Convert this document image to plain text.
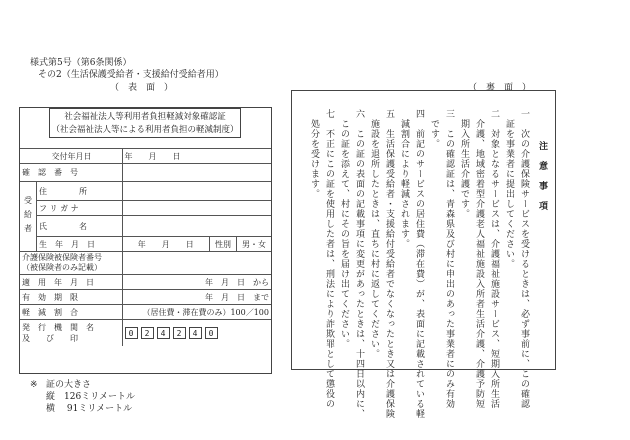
様式第5号（第6条関係）
その2（生活保護受給者・支援給付受給者用）
（　表　面　）	（　裏　面　）
交付年月日		年　　月　　日		
確　認　番　号				
受給者	住　　　　所			
	フ リ ガ ナ			
	氏　　　　名			
	生　年　月　日	年　　月　　日	性別	男・女

介護保険被保険者番号
（被保険者のみ記載）				

適　用　年　月　日		年　月　日　から		
有　効　期　限		年　月　日　まで		
軽　減　割　合		（居住費・滞在費のみ）100／100		

発　行　機　関　名
及　　び　　印		0 2 4 2 4 0		
社会福祉法人等利用者負担軽減対象確認証
（社会福祉法人等による利用者負担の軽減制度）
※ 証の大きさ
縦　126ミリメートル
横　 91ミリメートル
注　意　事　項
一　次の介護保険サービスを受けるときは、必ず事前に、この確認
　証を事業者に提出してください。
二　対象となるサービスは、介護福祉施設サービス、短期入所生活
　介護、地域密着型介護老人福祉施設入所者生活介護、介護予防短
　期入所生活介護です。
三　この確認証は、青森県及び村に申出のあった事業者にのみ有効
　です。
四　前記のサービスの居住費（滞在費）が、表面に記載されている軽
　減割合により軽減されます。
五　生活保護受給者・支援給付受給者でなくなったとき又は介護保険
　施設を退所したときは、直ちに村に返してください。
六　この証の表面の記載事項に変更があったときは、十四日以内に、
　この証を添えて、村にその旨を届け出てください。
七　不正にこの証を使用した者は、刑法により詐欺罪として懲役の
　処分を受けます。
